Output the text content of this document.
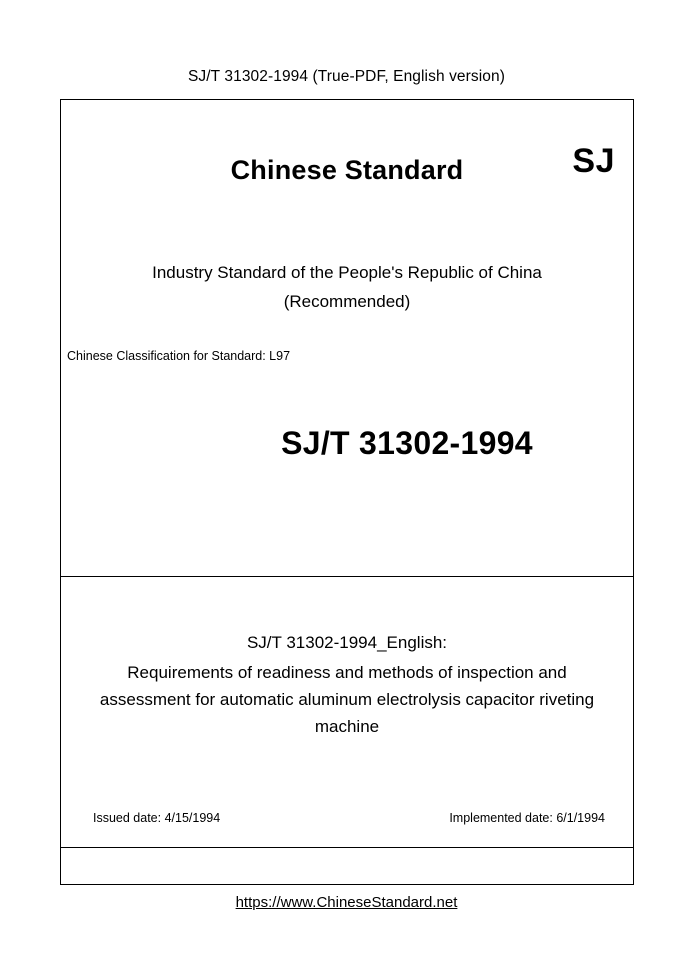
SJ/T 31302-1994 (True-PDF, English version)
Chinese Standard	SJ
Industry Standard of the People's Republic of China
(Recommended)
Chinese Classification for Standard: L97
SJ/T 31302-1994
SJ/T 31302-1994_English:
Requirements of readiness and methods of inspection and assessment for automatic aluminum electrolysis capacitor riveting machine
Issued date: 4/15/1994	Implemented date: 6/1/1994
https://www.ChineseStandard.net
